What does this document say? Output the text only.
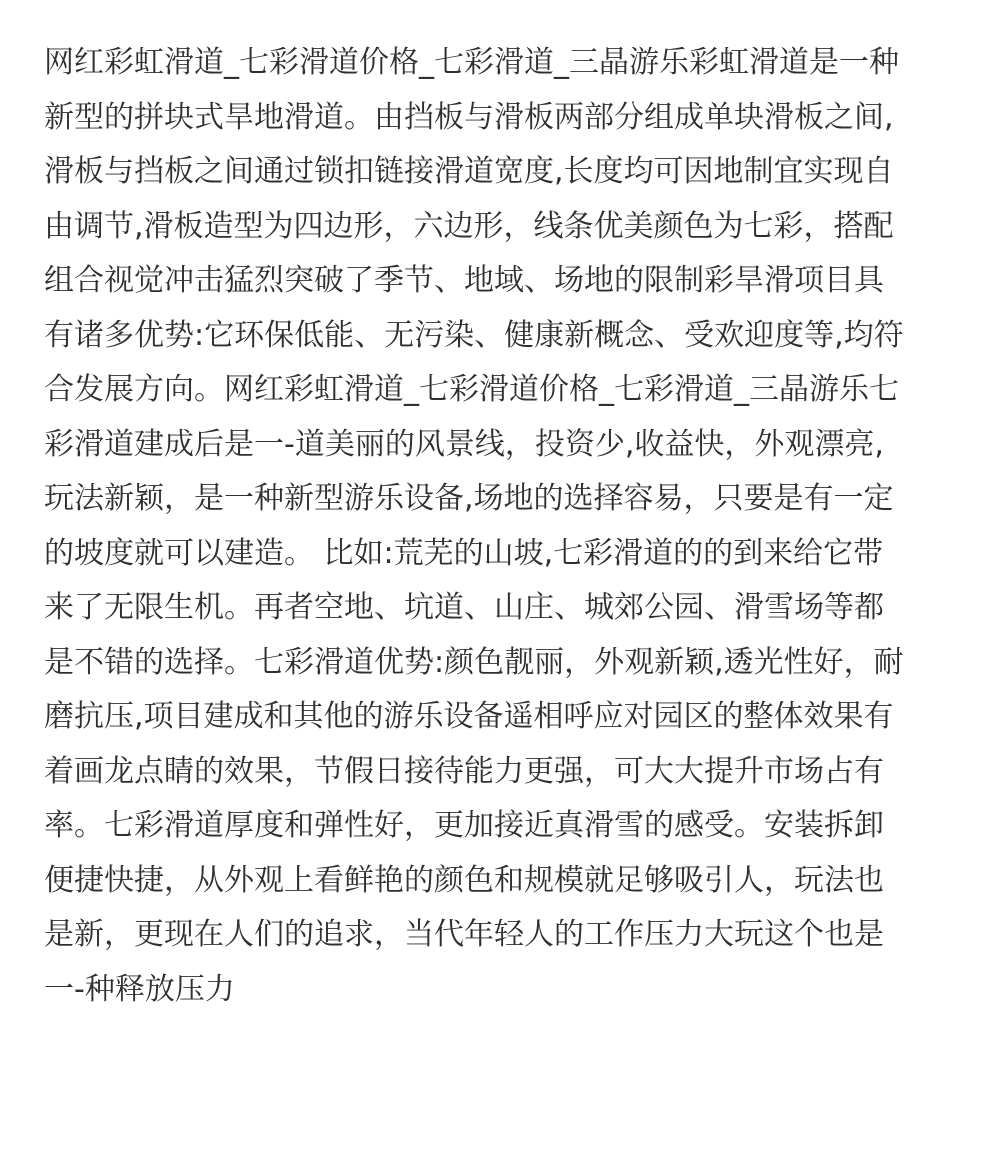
网红彩虹滑道_七彩滑道价格_七彩滑道_三晶游乐彩虹滑道是一种
新型的拼块式旱地滑道。由挡板与滑板两部分组成单块滑板之间,
滑板与挡板之间通过锁扣链接滑道宽度,长度均可因地制宜实现自
由调节,滑板造型为四边形，六边形，线条优美颜色为七彩，搭配
组合视觉冲击猛烈突破了季节、地域、场地的限制彩旱滑项目具
有诸多优势:它环保低能、无污染、健康新概念、受欢迎度等,均符
合发展方向。网红彩虹滑道_七彩滑道价格_七彩滑道_三晶游乐七
彩滑道建成后是一-道美丽的风景线，投资少,收益快，外观漂亮,
玩法新颖，是一种新型游乐设备,场地的选择容易，只要是有一定
的坡度就可以建造。 比如:荒芜的山坡,七彩滑道的的到来给它带
来了无限生机。再者空地、坑道、山庄、城郊公园、滑雪场等都
是不错的选择。七彩滑道优势:颜色靓丽，外观新颖,透光性好，耐
磨抗压,项目建成和其他的游乐设备遥相呼应对园区的整体效果有
着画龙点睛的效果，节假日接待能力更强，可大大提升市场占有
率。七彩滑道厚度和弹性好，更加接近真滑雪的感受。安装拆卸
便捷快捷，从外观上看鲜艳的颜色和规模就足够吸引人，玩法也
是新，更现在人们的追求，当代年轻人的工作压力大玩这个也是
一-种释放压力
